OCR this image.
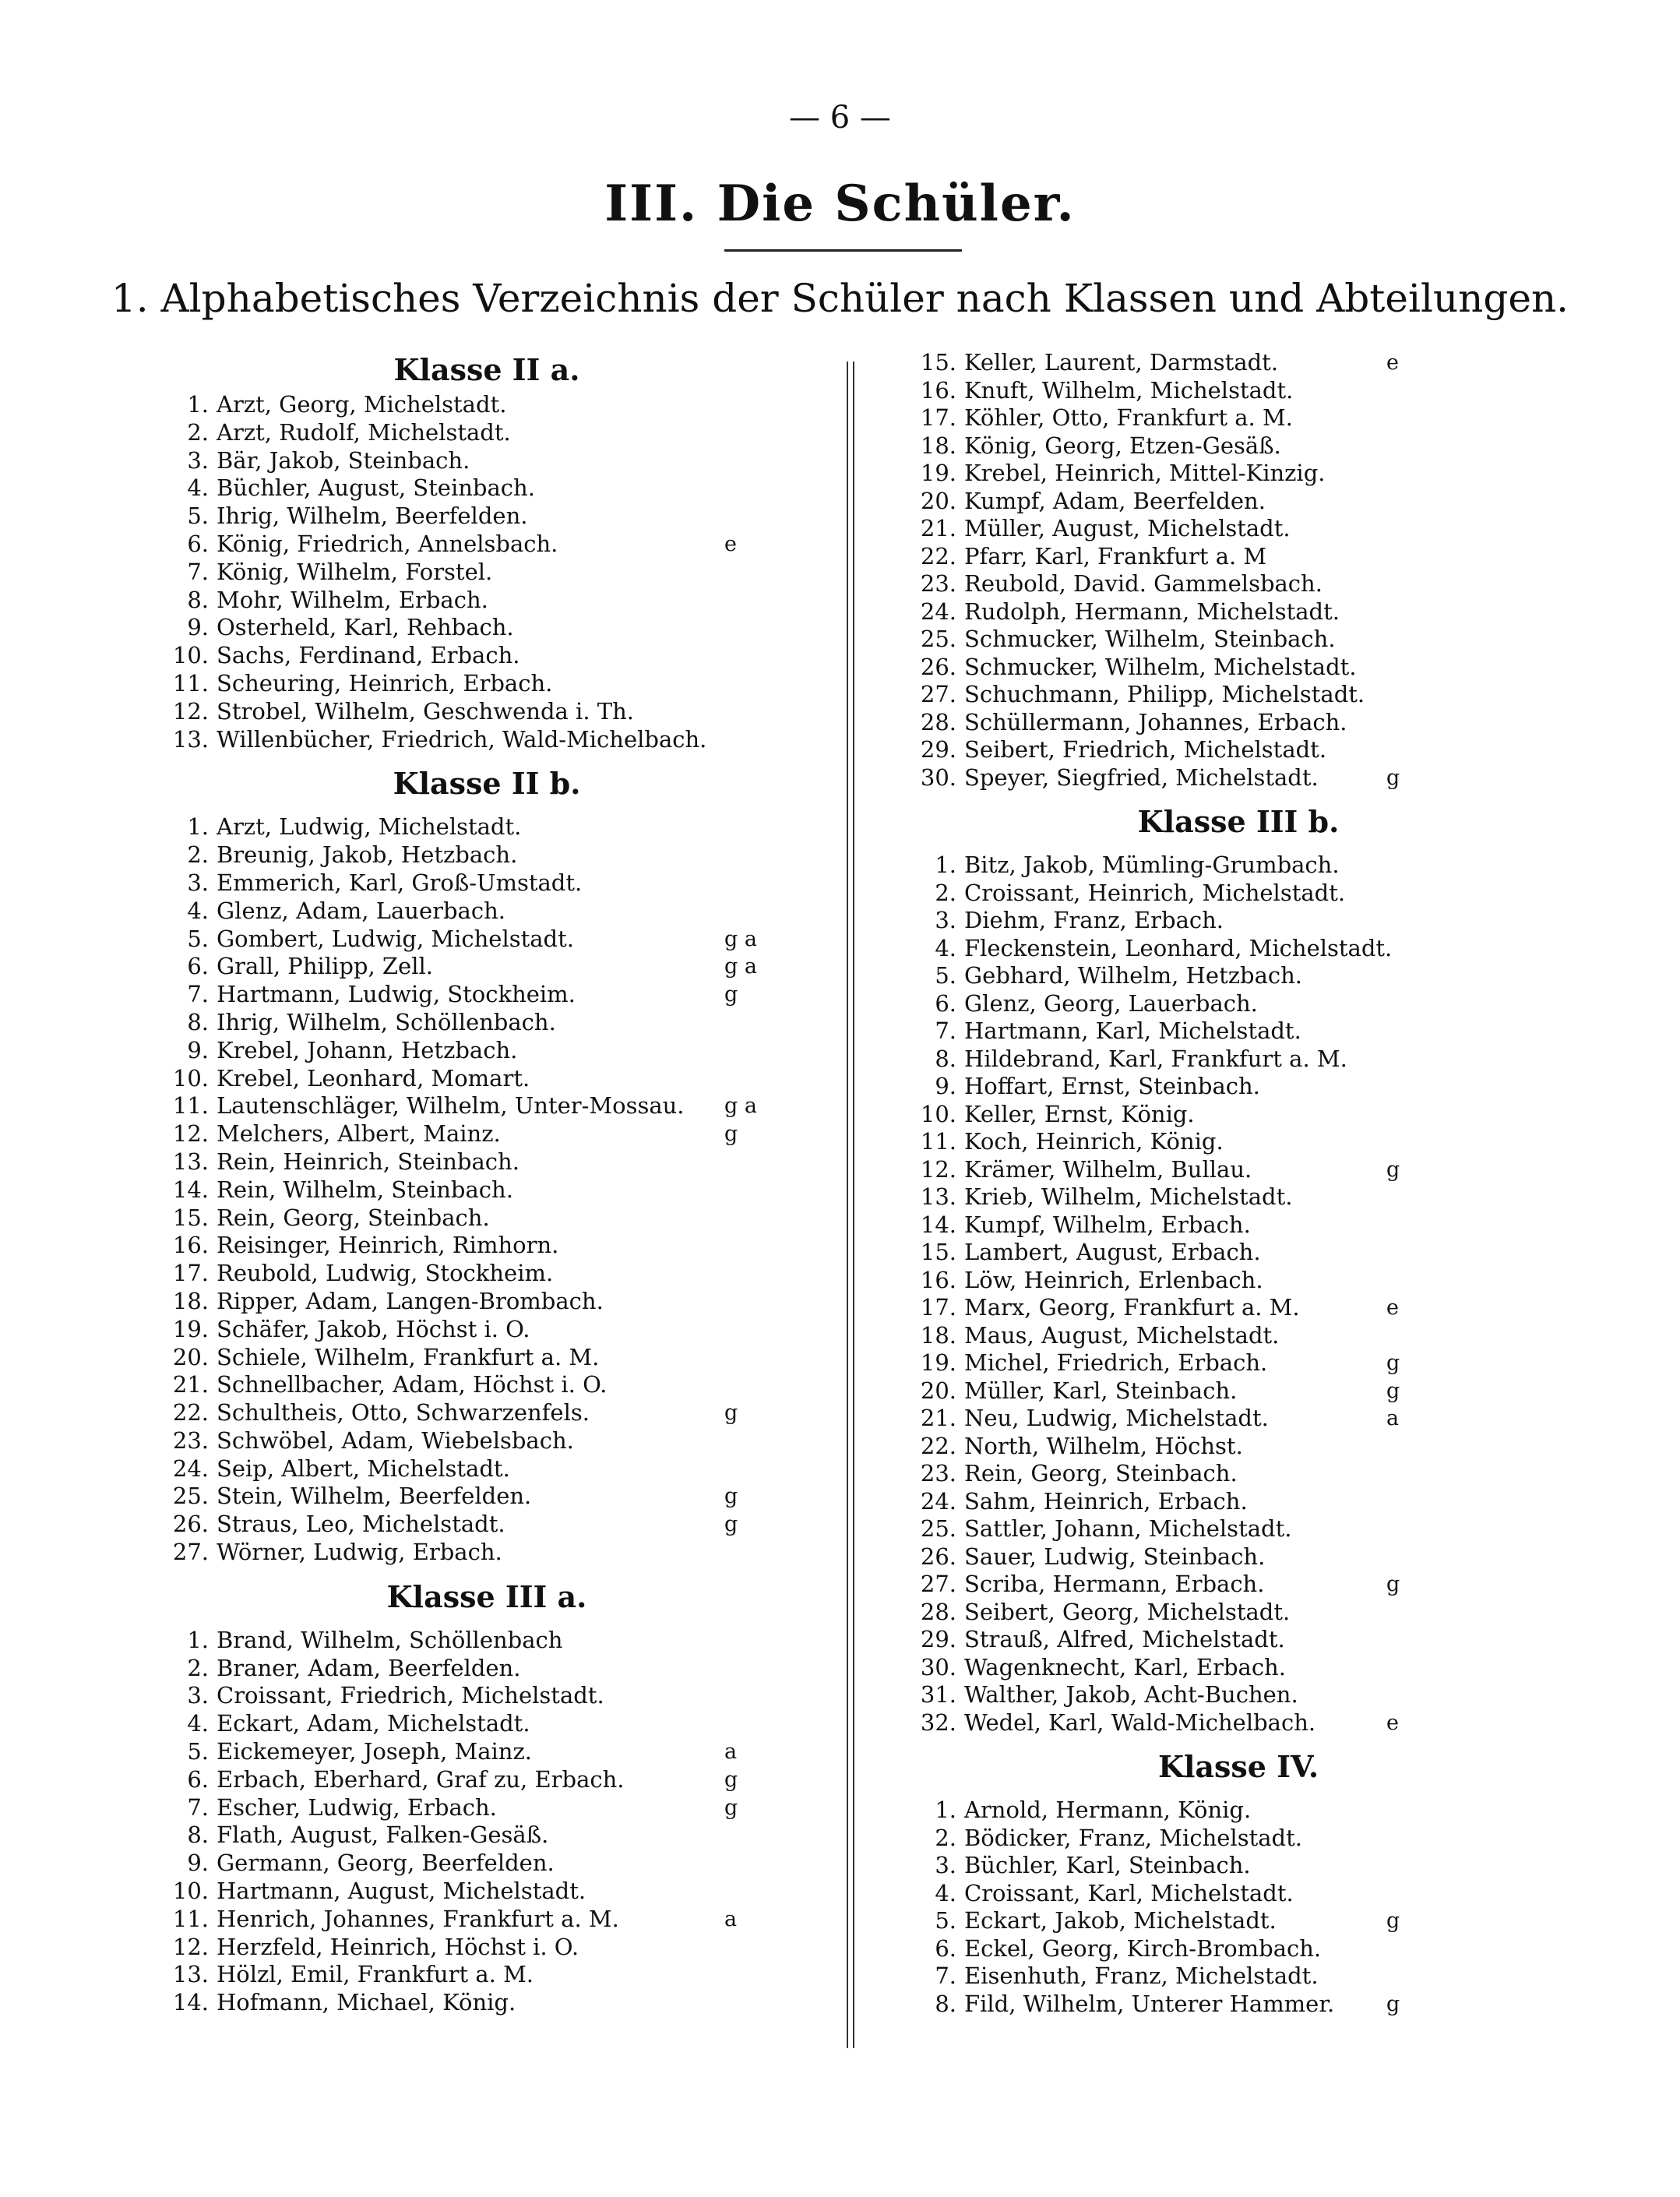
— 6 —
III. Die Schüler.
1. Alphabetisches Verzeichnis der Schüler nach Klassen und Abteilungen.
Klasse II a.
1. Arzt, Georg, Michelstadt.
2. Arzt, Rudolf, Michelstadt.
3. Bär, Jakob, Steinbach.
4. Büchler, August, Steinbach.
5. Ihrig, Wilhelm, Beerfelden.
6. König, Friedrich, Annelsbach.	e
7. König, Wilhelm, Forstel.
8. Mohr, Wilhelm, Erbach.
9. Osterheld, Karl, Rehbach.
10. Sachs, Ferdinand, Erbach.
11. Scheuring, Heinrich, Erbach.
12. Strobel, Wilhelm, Geschwenda i. Th.
13. Willenbücher, Friedrich, Wald-Michelbach.
Klasse II b.
1. Arzt, Ludwig, Michelstadt.
2. Breunig, Jakob, Hetzbach.
3. Emmerich, Karl, Groß-Umstadt.
4. Glenz, Adam, Lauerbach.
5. Gombert, Ludwig, Michelstadt.	g a
6. Grall, Philipp, Zell.	g a
7. Hartmann, Ludwig, Stockheim.	g
8. Ihrig, Wilhelm, Schöllenbach.
9. Krebel, Johann, Hetzbach.
10. Krebel, Leonhard, Momart.
11. Lautenschläger, Wilhelm, Unter-Mossau. g a
12. Melchers, Albert, Mainz.	g
13. Rein, Heinrich, Steinbach.
14. Rein, Wilhelm, Steinbach.
15. Rein, Georg, Steinbach.
16. Reisinger, Heinrich, Rimhorn.
17. Reubold, Ludwig, Stockheim.
18. Ripper, Adam, Langen-Brombach.
19. Schäfer, Jakob, Höchst i. O.
20. Schiele, Wilhelm, Frankfurt a. M.
21. Schnellbacher, Adam, Höchst i. O.
22. Schultheis, Otto, Schwarzenfels.	g
23. Schwöbel, Adam, Wiebelsbach.
24. Seip, Albert, Michelstadt.
25. Stein, Wilhelm, Beerfelden.	g
26. Straus, Leo, Michelstadt.	g
27. Wörner, Ludwig, Erbach.
Klasse III a.
1. Brand, Wilhelm, Schöllenbach
2. Braner, Adam, Beerfelden.
3. Croissant, Friedrich, Michelstadt.
4. Eckart, Adam, Michelstadt.
5. Eickemeyer, Joseph, Mainz.	a
6. Erbach, Eberhard, Graf zu, Erbach.	g
7. Escher, Ludwig, Erbach.	g
8. Flath, August, Falken-Gesäß.
9. Germann, Georg, Beerfelden.
10. Hartmann, August, Michelstadt.
11. Henrich, Johannes, Frankfurt a. M.	a
12. Herzfeld, Heinrich, Höchst i. O.
13. Hölzl, Emil, Frankfurt a. M.
14. Hofmann, Michael, König.
15. Keller, Laurent, Darmstadt.	e
16. Knuft, Wilhelm, Michelstadt.
17. Köhler, Otto, Frankfurt a. M.
18. König, Georg, Etzen-Gesäß.
19. Krebel, Heinrich, Mittel-Kinzig.
20. Kumpf, Adam, Beerfelden.
21. Müller, August, Michelstadt.
22. Pfarr, Karl, Frankfurt a. M
23. Reubold, David. Gammelsbach.
24. Rudolph, Hermann, Michelstadt.
25. Schmucker, Wilhelm, Steinbach.
26. Schmucker, Wilhelm, Michelstadt.
27. Schuchmann, Philipp, Michelstadt.
28. Schüllermann, Johannes, Erbach.
29. Seibert, Friedrich, Michelstadt.
30. Speyer, Siegfried, Michelstadt.	g
Klasse III b.
1. Bitz, Jakob, Mümling-Grumbach.
2. Croissant, Heinrich, Michelstadt.
3. Diehm, Franz, Erbach.
4. Fleckenstein, Leonhard, Michelstadt.
5. Gebhard, Wilhelm, Hetzbach.
6. Glenz, Georg, Lauerbach.
7. Hartmann, Karl, Michelstadt.
8. Hildebrand, Karl, Frankfurt a. M.
9. Hoffart, Ernst, Steinbach.
10. Keller, Ernst, König.
11. Koch, Heinrich, König.
12. Krämer, Wilhelm, Bullau.	g
13. Krieb, Wilhelm, Michelstadt.
14. Kumpf, Wilhelm, Erbach.
15. Lambert, August, Erbach.
16. Löw, Heinrich, Erlenbach.
17. Marx, Georg, Frankfurt a. M.	e
18. Maus, August, Michelstadt.
19. Michel, Friedrich, Erbach.	g
20. Müller, Karl, Steinbach.	g
21. Neu, Ludwig, Michelstadt.	a
22. North, Wilhelm, Höchst.
23. Rein, Georg, Steinbach.
24. Sahm, Heinrich, Erbach.
25. Sattler, Johann, Michelstadt.
26. Sauer, Ludwig, Steinbach.
27. Scriba, Hermann, Erbach.	g
28. Seibert, Georg, Michelstadt.
29. Strauß, Alfred, Michelstadt.
30. Wagenknecht, Karl, Erbach.
31. Walther, Jakob, Acht-Buchen.
32. Wedel, Karl, Wald-Michelbach.	e
Klasse IV.
1. Arnold, Hermann, König.
2. Bödicker, Franz, Michelstadt.
3. Büchler, Karl, Steinbach.
4. Croissant, Karl, Michelstadt.
5. Eckart, Jakob, Michelstadt.	g
6. Eckel, Georg, Kirch-Brombach.
7. Eisenhuth, Franz, Michelstadt.
8. Fild, Wilhelm, Unterer Hammer. g
